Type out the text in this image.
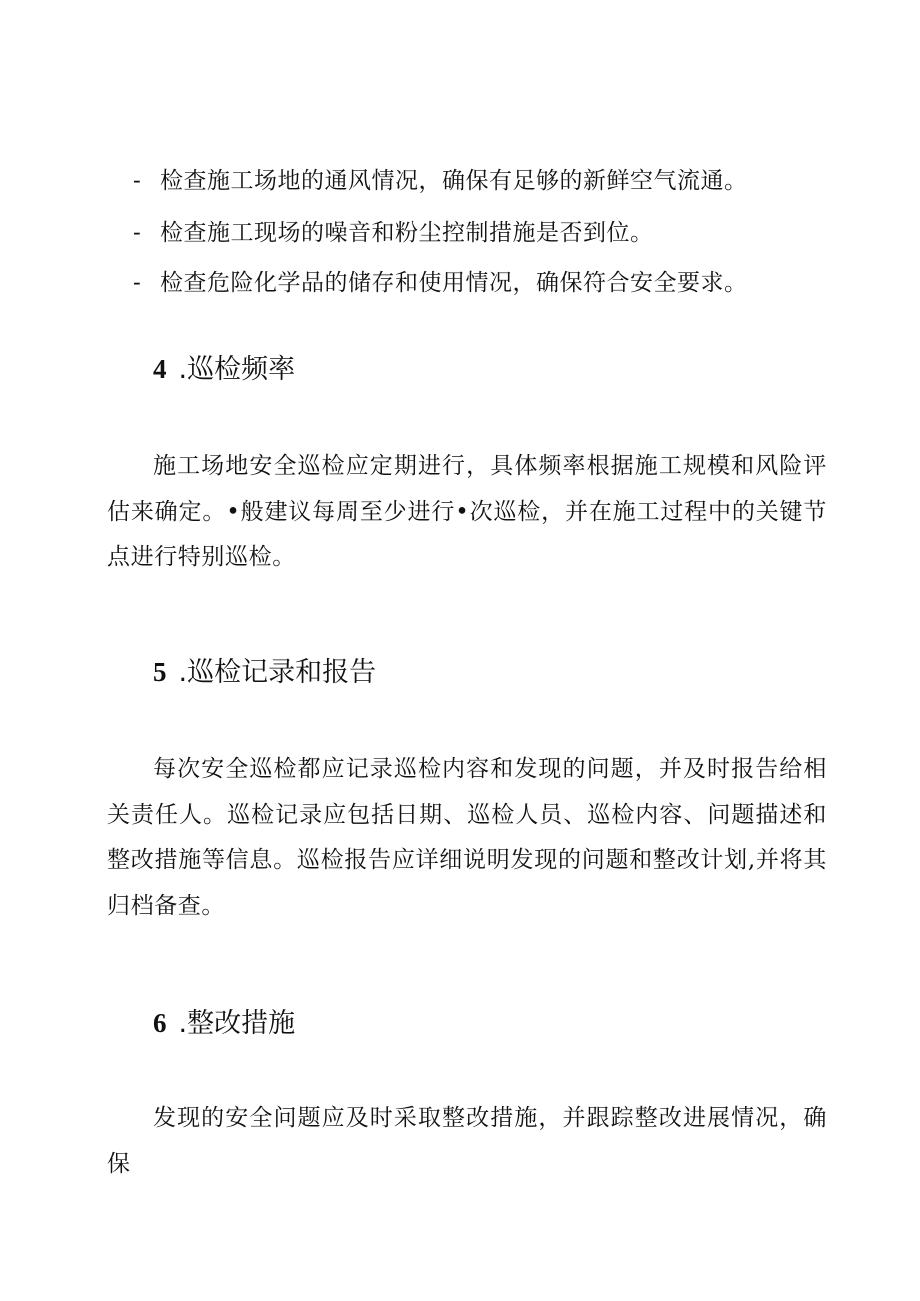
- 检查施工场地的通风情况，确保有足够的新鲜空气流通。
- 检查施工现场的噪音和粉尘控制措施是否到位。
- 检查危险化学品的储存和使用情况，确保符合安全要求。
4 .巡检频率

施工场地安全巡检应定期进行，具体频率根据施工规模和风险评估来确定。•般建议每周至少进行•次巡检，并在施工过程中的关键节点进行特别巡检。

5 .巡检记录和报告

每次安全巡检都应记录巡检内容和发现的问题，并及时报告给相关责任人。巡检记录应包括日期、巡检人员、巡检内容、问题描述和整改措施等信息。巡检报告应详细说明发现的问题和整改计划,并将其归档备查。

6 .整改措施

发现的安全问题应及时采取整改措施，并跟踪整改进展情况，确保
